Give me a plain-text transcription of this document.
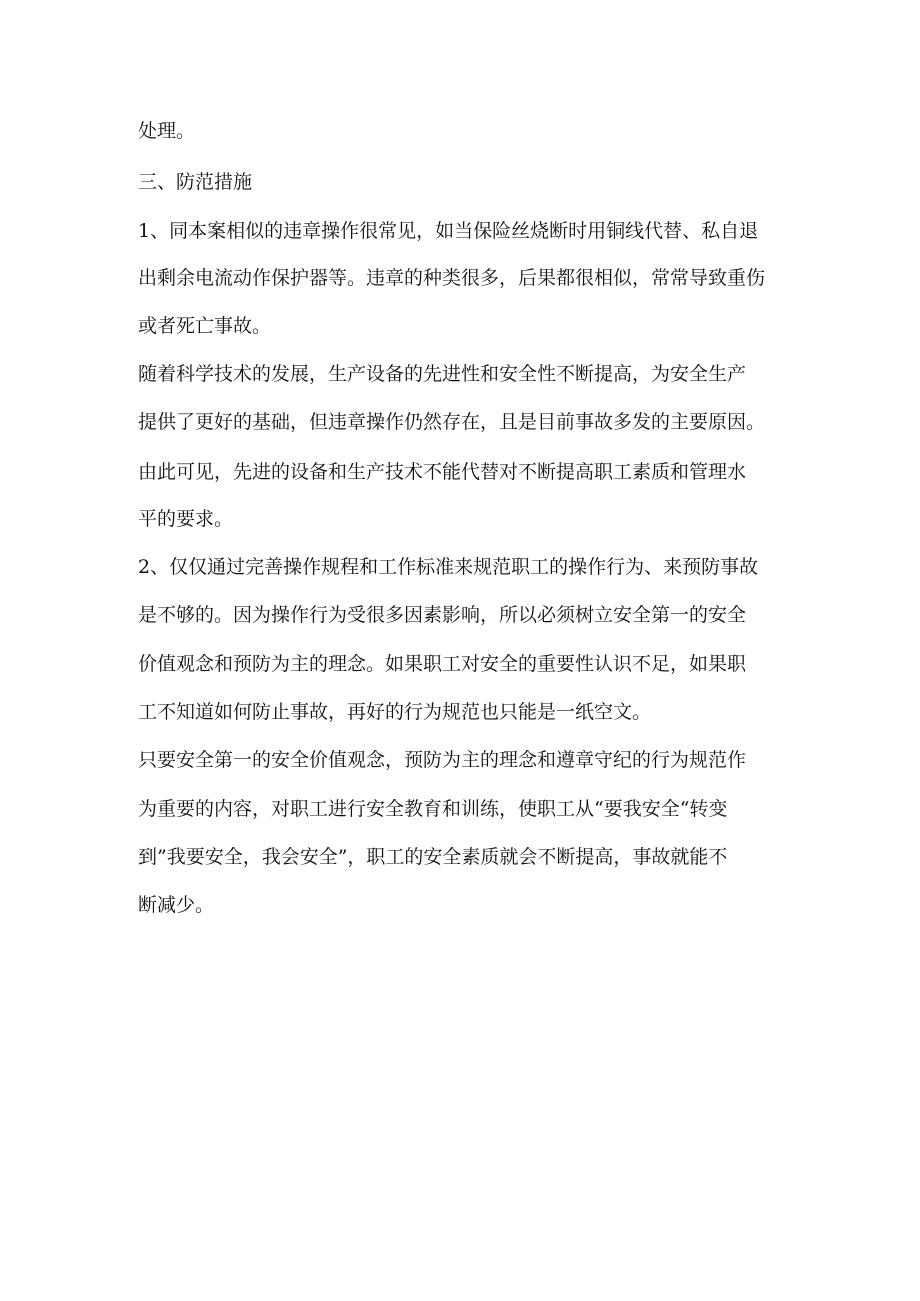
处理。
三、防范措施
1、同本案相似的违章操作很常见，如当保险丝烧断时用铜线代替、私自退
出剩余电流动作保护器等。违章的种类很多，后果都很相似，常常导致重伤
或者死亡事故。
随着科学技术的发展，生产设备的先进性和安全性不断提高，为安全生产
提供了更好的基础，但违章操作仍然存在，且是目前事故多发的主要原因。
由此可见，先进的设备和生产技术不能代替对不断提高职工素质和管理水
平的要求。
2、仅仅通过完善操作规程和工作标准来规范职工的操作行为、来预防事故
是不够的。因为操作行为受很多因素影响，所以必须树立安全第一的安全
价值观念和预防为主的理念。如果职工对安全的重要性认识不足，如果职
工不知道如何防止事故，再好的行为规范也只能是一纸空文。
只要安全第一的安全价值观念，预防为主的理念和遵章守纪的行为规范作
为重要的内容，对职工进行安全教育和训练，使职工从“要我安全“转变
到”我要安全，我会安全”，职工的安全素质就会不断提高，事故就能不
断减少。
